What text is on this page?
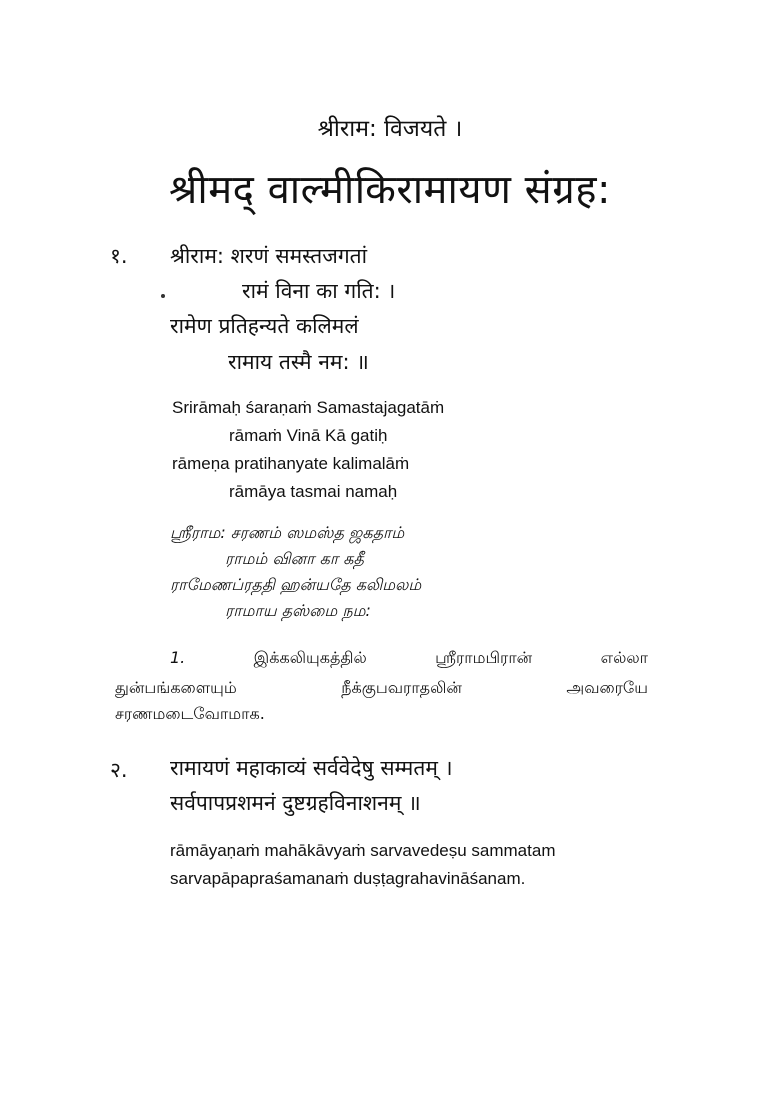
श्रीराम: विजयते ।
श्रीमद् वाल्मीकिरामायण संग्रह:
१. श्रीराम: शरणं समस्तजगतां
रामं विना का गति: ।
रामेण प्रतिहन्यते कलिमलं
रामाय तस्मै नम: ॥
Srirāmaḥ śaraṇaṁ Samastajagatāṁ
rāmaṁ Vinā Kā gatiḥ
rāmeṇa pratihanyate kalimalāṁ
rāmāya tasmai namaḥ
ஸ்ரீராம: சரணம் ஸமஸ்த ஜகதாம்
ராமம் வினா கா கதீ
ராமேணப்ரததி ஹன்யதே கலிமலம்
ராமாய தஸ்மை நம:
1.	இக்கலியுகத்தில்	ஸ்ரீராமபிரான்	எல்லா
துன்பங்களையும்	நீக்குபவராதலின்	அவரையே
சரணமடைவோமாக.
२. रामायणं महाकाव्यं सर्ववेदेषु सम्मतम् ।
सर्वपापप्रशमनं दुष्टग्रहविनाशनम् ॥
rāmāyaṇaṁ mahākāvyaṁ sarvavedeṣu sammatam
sarvapāpapraśamanaṁ duṣṭagrahavināśanam.
